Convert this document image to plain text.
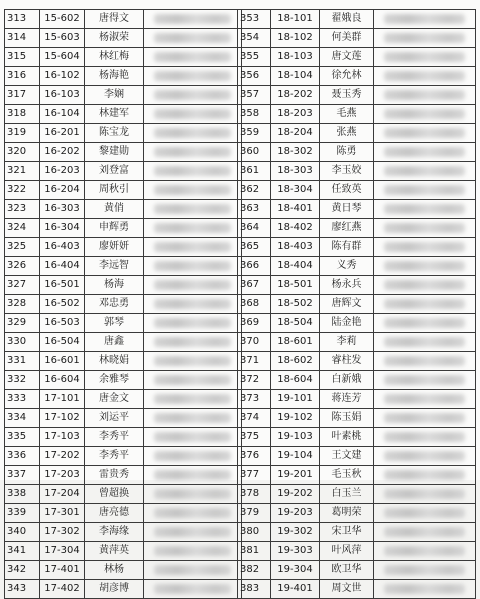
313	15-602	唐得文	

314	15-603	杨淑荣	

315	15-604	林红梅	

316	16-102	杨海艳	

317	16-103	李娴	

318	16-104	林建军	

319	16-201	陈宝龙	

320	16-202	黎建勋	

321	16-203	刘登富	

322	16-204	周秋引	

323	16-303	黄俏	

324	16-304	申辉勇	

325	16-403	廖妍妍	

326	16-404	李远智	

327	16-501	杨海	

328	16-502	邓忠勇	

329	16-503	郭琴	

330	16-504	唐鑫	

331	16-601	林晓娟	

332	16-604	余雅琴	

333	17-101	唐金文	

334	17-102	刘运平	

335	17-103	李秀平	

336	17-202	李秀平	

337	17-203	雷贵秀	

338	17-204	曾超换	

339	17-301	唐亮德	

340	17-302	李海缘	

341	17-304	黄萍英	

342	17-401	林杨	

343	17-402	胡彦博	
353	18-101	翟娥良	

354	18-102	何美群	

355	18-103	唐文莲	

356	18-104	徐允林	

357	18-202	聂玉秀	

358	18-203	毛燕	

359	18-204	张燕	

360	18-302	陈勇	

361	18-303	李玉姣	

362	18-304	任致英	

363	18-401	黄日琴	

364	18-402	廖红燕	

365	18-403	陈有群	

366	18-404	义秀	

367	18-501	杨永兵	

368	18-502	唐辉文	

369	18-504	陆金艳	

370	18-601	李莉	

371	18-602	睿柱发	

372	18-604	白新娥	

373	19-101	蒋连芳	

374	19-102	陈玉娟	

375	19-103	叶素桃	

376	19-104	王文建	

377	19-201	毛玉秋	

378	19-202	白玉兰	

379	19-203	葛明荣	

380	19-302	宋卫华	

381	19-303	叶风萍	

382	19-304	欧卫华	

383	19-401	周文世	
